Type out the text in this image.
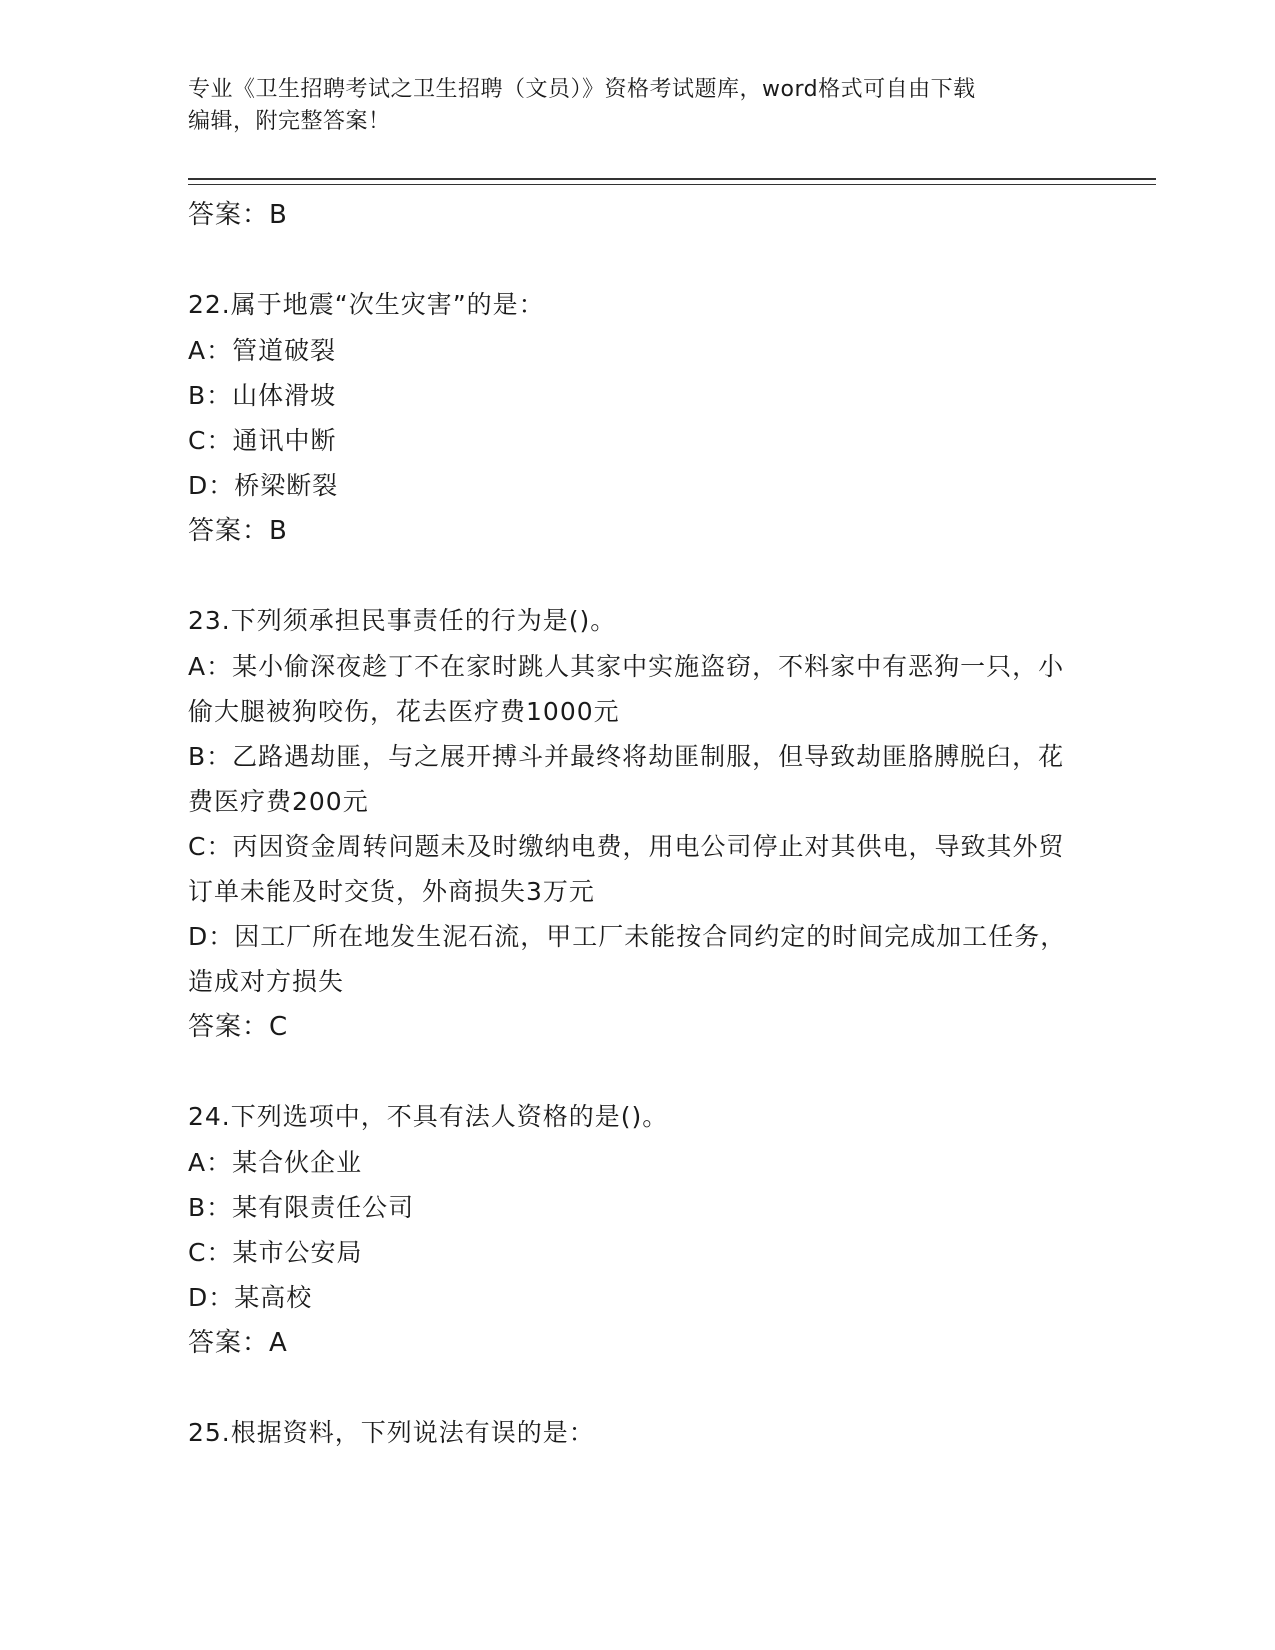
专业《卫生招聘考试之卫生招聘（文员）》资格考试题库，word格式可自由下载
编辑，附完整答案！

答案：B

22.属于地震“次生灾害”的是：

A：管道破裂

B：山体滑坡

C：通讯中断

D：桥梁断裂

答案：B

23.下列须承担民事责任的行为是()。

A：某小偷深夜趁丁不在家时跳人其家中实施盗窃，不料家中有恶狗一只，小偷大腿被狗咬伤，花去医疗费1000元

B：乙路遇劫匪，与之展开搏斗并最终将劫匪制服，但导致劫匪胳膊脱臼，花费医疗费200元

C：丙因资金周转问题未及时缴纳电费，用电公司停止对其供电，导致其外贸订单未能及时交货，外商损失3万元

D：因工厂所在地发生泥石流，甲工厂未能按合同约定的时间完成加工任务，造成对方损失

答案：C

24.下列选项中，不具有法人资格的是()。

A：某合伙企业

B：某有限责任公司

C：某市公安局

D：某高校

答案：A

25.根据资料，下列说法有误的是：
